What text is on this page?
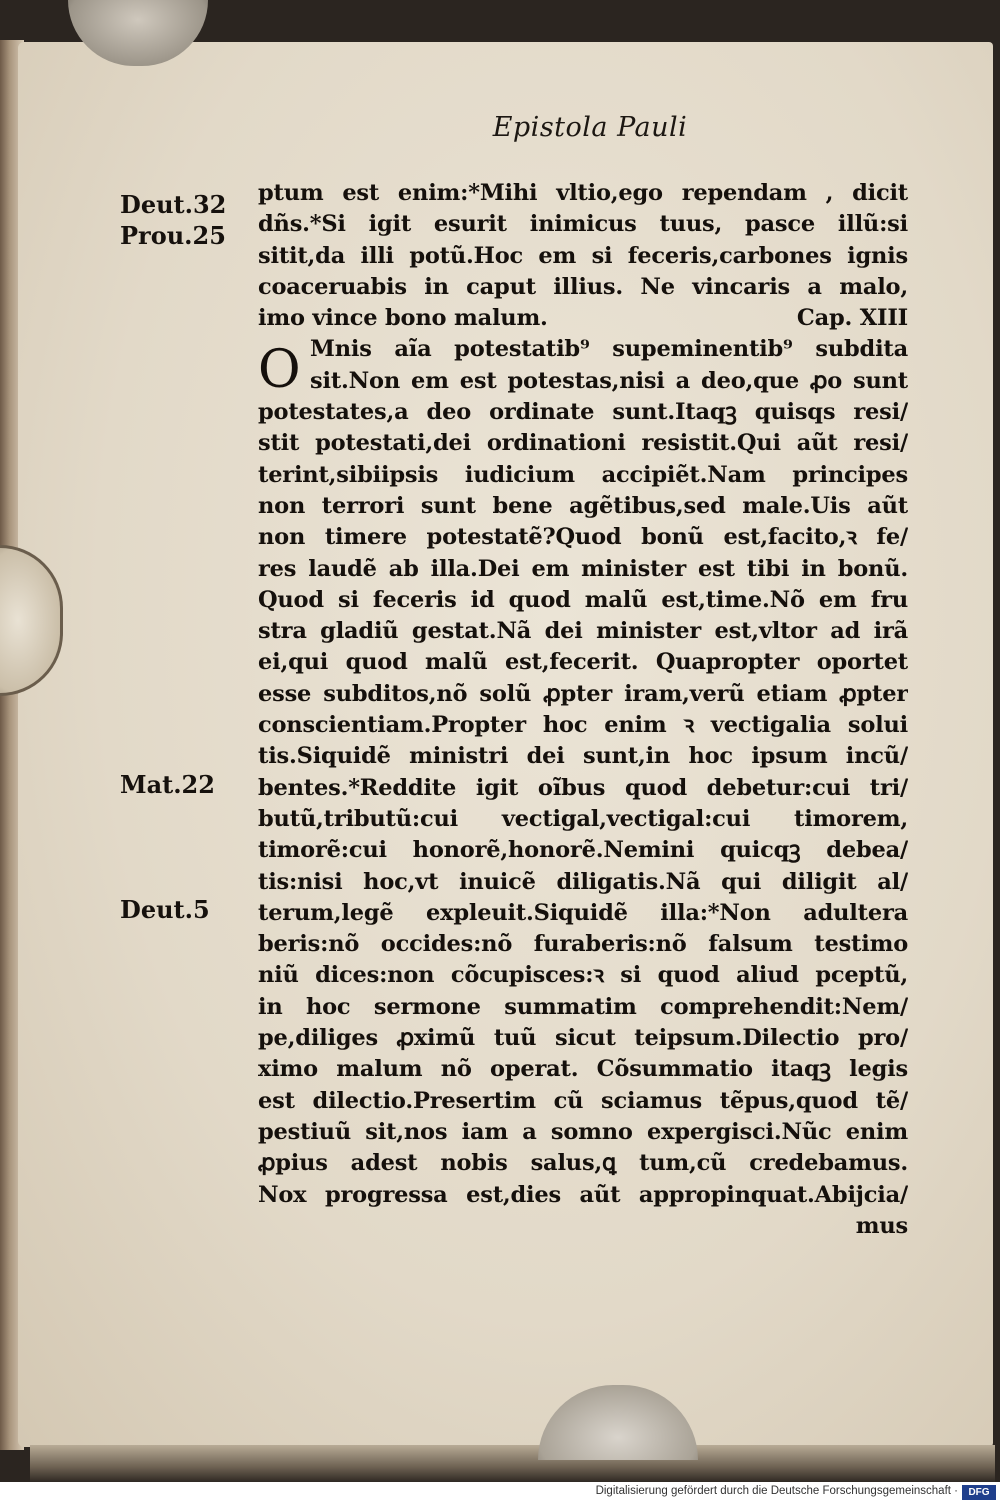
Epistola Pauli
Deut.32
Prou.25
Mat.22
Deut.5
O
ptum est enim:*Mihi vltio,ego rependam , dicit
dñs.*Si igit esurit inimicus tuus, pasce illũ:si
sitit,da illi potũ.Hoc em si feceris,carbones ignis
coaceruabis in caput illius. Ne vincaris a malo,
imo vince bono malum.	Cap. XIII
Mnis aĩa potestatib⁹ supeminentib⁹ subdita
sit.Non em est potestas,nisi a deo,que ꝓo sunt
potestates,a deo ordinate sunt.Itaqꝫ quisqs resi/
stit potestati,dei ordinationi resistit.Qui aũt resi/
terint,sibiipsis iudicium accipiẽt.Nam principes
non terrori sunt bene agẽtibus,sed male.Uis aũt
non timere potestatẽ?Quod bonũ est,facito,ꝛ fe/
res laudẽ ab illa.Dei em minister est tibi in bonũ.
Quod si feceris id quod malũ est,time.Nõ em fru
stra gladiũ gestat.Nã dei minister est,vltor ad irã
ei,qui quod malũ est,fecerit. Quapropter oportet
esse subditos,nõ solũ ꝓpter iram,verũ etiam ꝓpter
conscientiam.Propter hoc enim ꝛ vectigalia solui
tis.Siquidẽ ministri dei sunt,in hoc ipsum incũ/
bentes.*Reddite igit oĩbus quod debetur:cui tri/
butũ,tributũ:cui vectigal,vectigal:cui timorem,
timorẽ:cui honorẽ,honorẽ.Nemini quicqꝫ debea/
tis:nisi hoc,vt inuicẽ diligatis.Nã qui diligit al/
terum,legẽ expleuit.Siquidẽ illa:*Non adultera
beris:nõ occides:nõ furaberis:nõ falsum testimo
niũ dices:non cõcupisces:ꝛ si quod aliud pceptũ,
in hoc sermone summatim comprehendit:Nem/
pe,diliges ꝓximũ tuũ sicut teipsum.Dilectio pro/
ximo malum nõ operat. Cõsummatio itaqꝫ legis
est dilectio.Presertim cũ sciamus tẽpus,quod tẽ/
pestiuũ sit,nos iam a somno expergisci.Nũc enim
ꝓpius adest nobis salus,ꝗ tum,cũ credebamus.
Nox progressa est,dies aũt appropinquat.Abijcia/
mus
Digitalisierung gefördert durch die Deutsche Forschungsgemeinschaft ·	DFG
